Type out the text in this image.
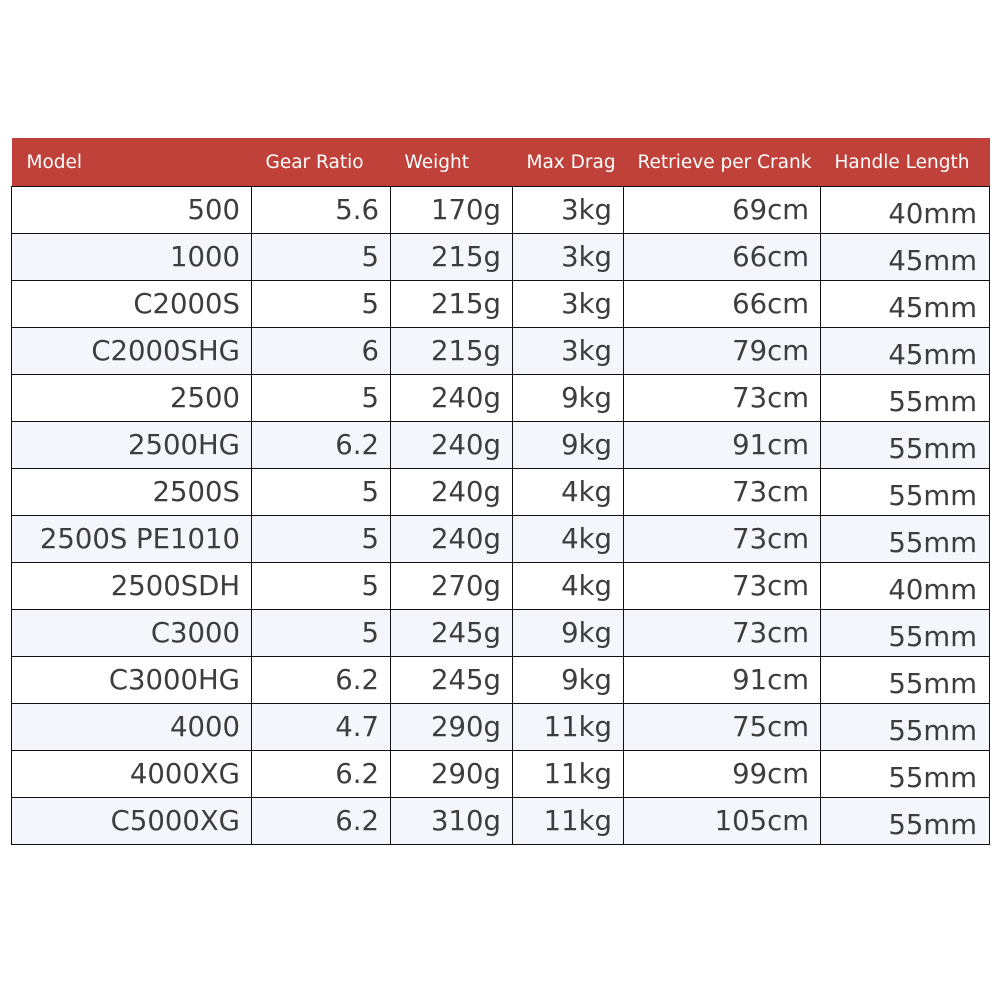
Model	Gear Ratio	Weight	Max Drag	Retrieve per Crank	Handle Length
500	5.6	170g	3kg	69cm	40mm
1000	5	215g	3kg	66cm	45mm
C2000S	5	215g	3kg	66cm	45mm
C2000SHG	6	215g	3kg	79cm	45mm
2500	5	240g	9kg	73cm	55mm
2500HG	6.2	240g	9kg	91cm	55mm
2500S	5	240g	4kg	73cm	55mm
2500S PE1010	5	240g	4kg	73cm	55mm
2500SDH	5	270g	4kg	73cm	40mm
C3000	5	245g	9kg	73cm	55mm
C3000HG	6.2	245g	9kg	91cm	55mm
4000	4.7	290g	11kg	75cm	55mm
4000XG	6.2	290g	11kg	99cm	55mm
C5000XG	6.2	310g	11kg	105cm	55mm
